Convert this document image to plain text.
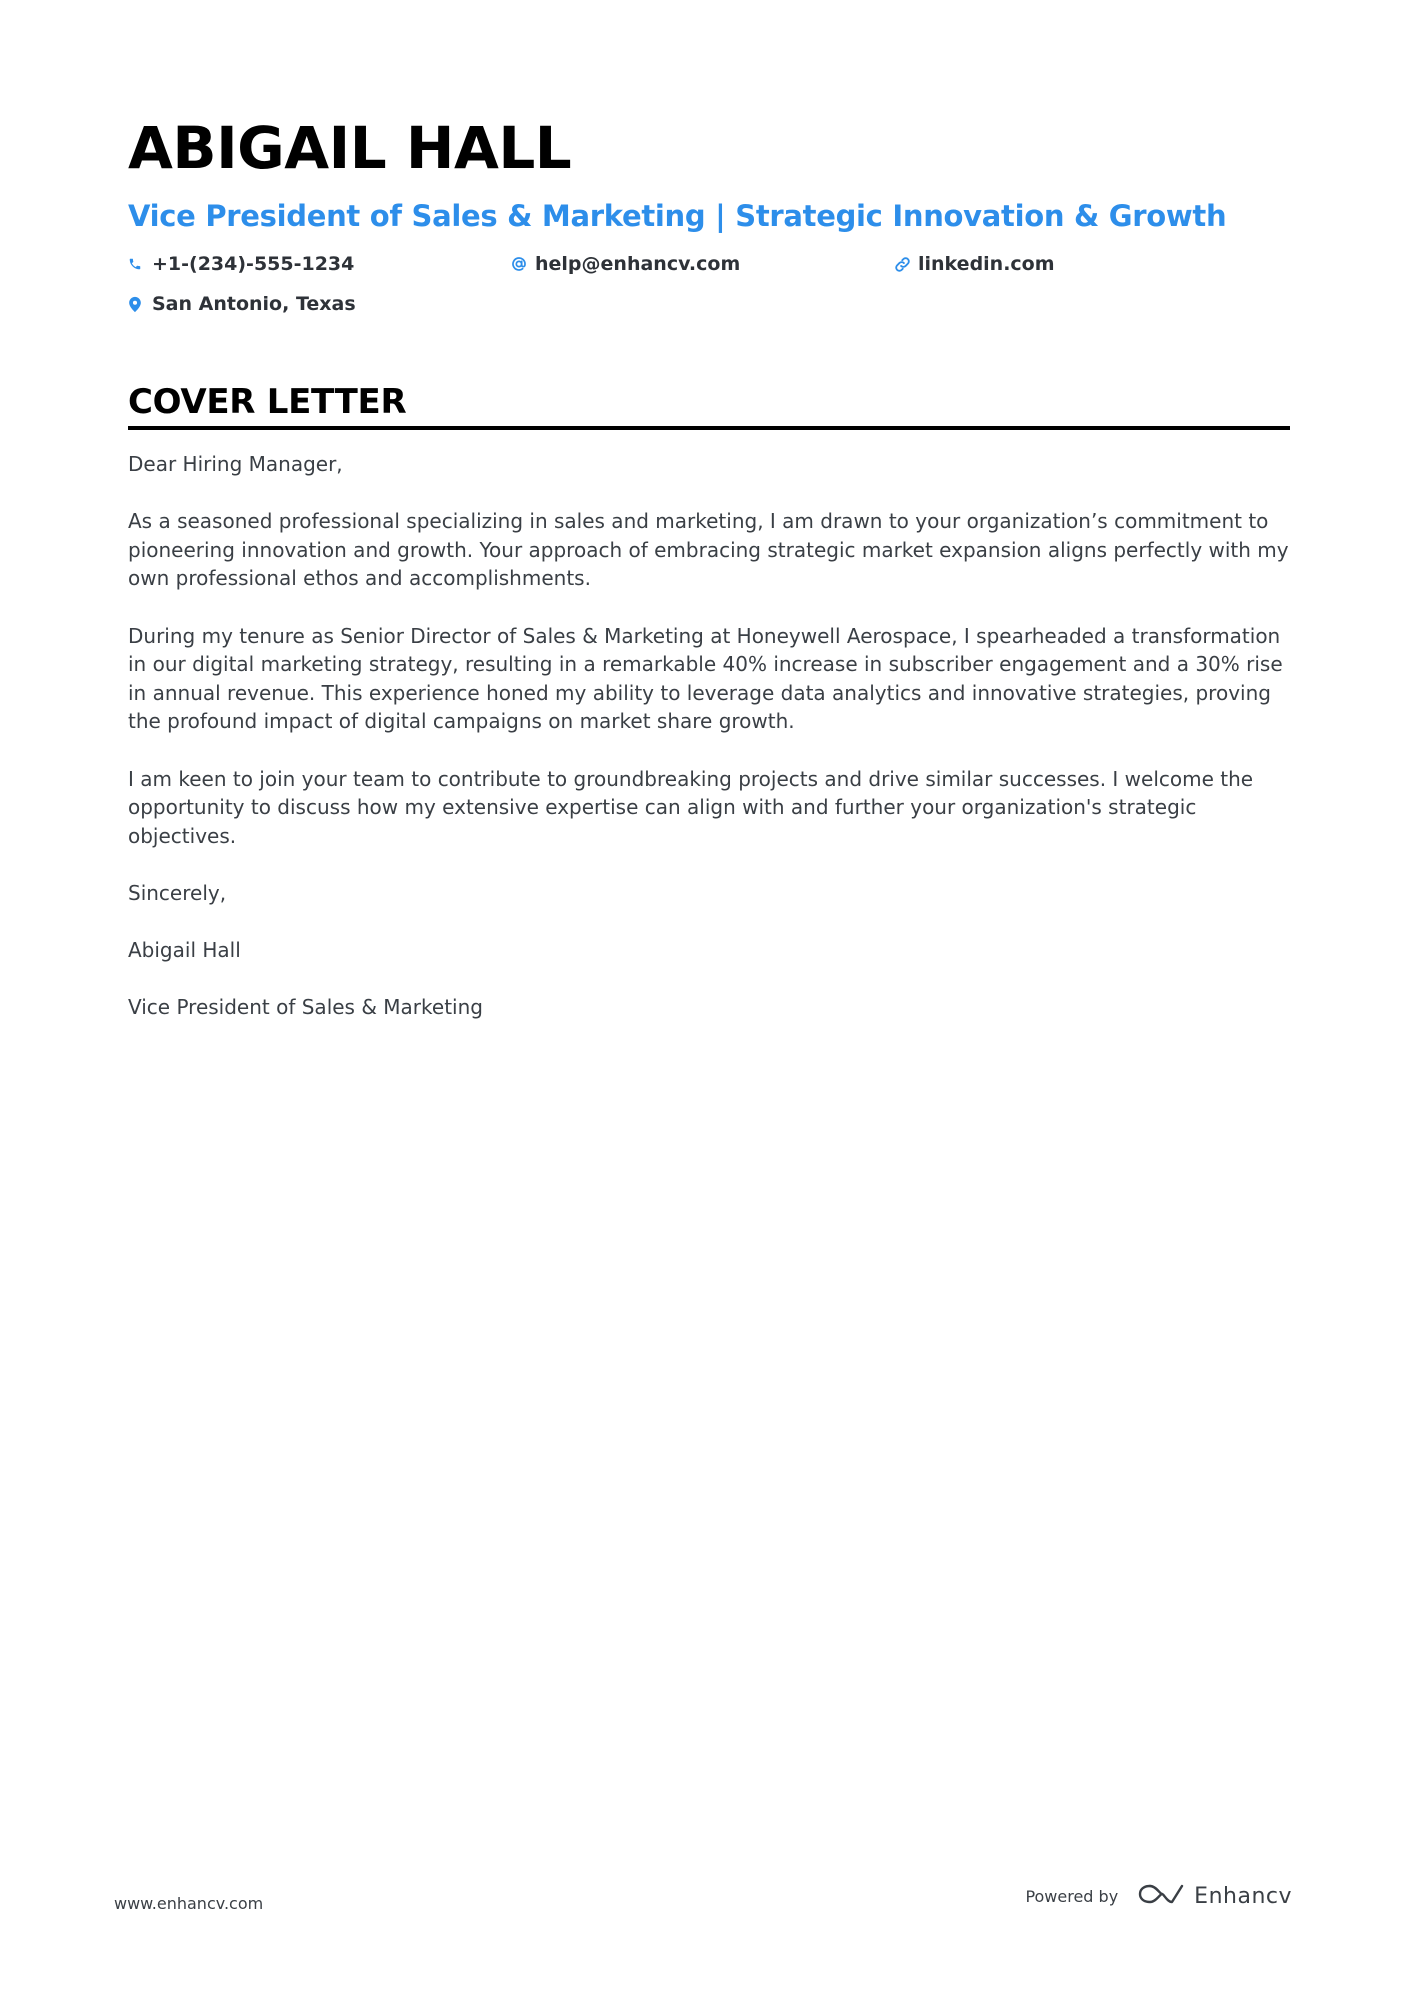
ABIGAIL HALL
Vice President of Sales & Marketing | Strategic Innovation & Growth
+1-(234)-555-1234	help@enhancv.com	linkedin.com
San Antonio, Texas
COVER LETTER

Dear Hiring Manager,

As a seasoned professional specializing in sales and marketing, I am drawn to your organization’s commitment to pioneering innovation and growth. Your approach of embracing strategic market expansion aligns perfectly with my own professional ethos and accomplishments.

During my tenure as Senior Director of Sales & Marketing at Honeywell Aerospace, I spearheaded a transformation in our digital marketing strategy, resulting in a remarkable 40% increase in subscriber engagement and a 30% rise in annual revenue. This experience honed my ability to leverage data analytics and innovative strategies, proving the profound impact of digital campaigns on market share growth.

I am keen to join your team to contribute to groundbreaking projects and drive similar successes. I welcome the opportunity to discuss how my extensive expertise can align with and further your organization's strategic objectives.

Sincerely,

Abigail Hall

Vice President of Sales & Marketing

www.enhancv.com	Powered by	Enhancv
